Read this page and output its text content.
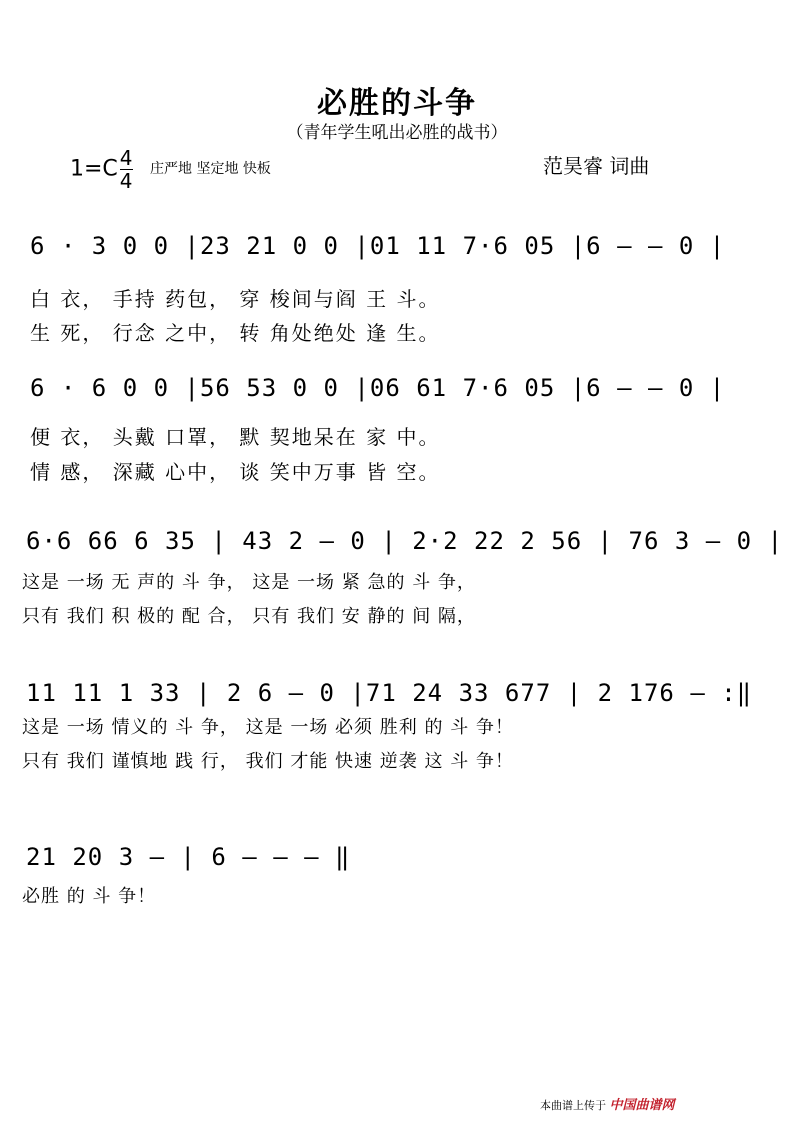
必胜的斗争
（青年学生吼出必胜的战书）
$1=C \frac{4}{4}$ 庄严地 坚定地 快板	范昊睿 词曲
6 · 3 0 0 |23 21 0 0 |01 11 7·6 05 |6 — — 0 |
白 衣， 手持 药包， 穿 梭间与阎 王 斗。
生 死， 行念 之中， 转 角处绝处 逢 生。
6 · 6 0 0 |56 53 0 0 |06 61 7·6 05 |6 — — 0 |
便 衣， 头戴 口罩， 默 契地呆在 家 中。
情 感， 深藏 心中， 谈 笑中万事 皆 空。
6·6 66 6 35 | 43 2 — 0 | 2·2 22 2 56 | 76 3 — 0 |
这是 一场 无 声的 斗 争， 这是 一场 紧 急的 斗 争，
只有 我们 积 极的 配 合， 只有 我们 安 静的 间 隔，
11 11 1 33 | 2 6 — 0 |71 24 33 677 | 2 176 — :‖
这是 一场 情义的 斗 争， 这是 一场 必须 胜利 的 斗 争！
只有 我们 谨慎地 践 行， 我们 才能 快速 逆袭 这 斗 争！
21 20 3 — | 6 — — — ‖
必胜 的 斗 争！
本曲谱上传于 中国曲谱网
